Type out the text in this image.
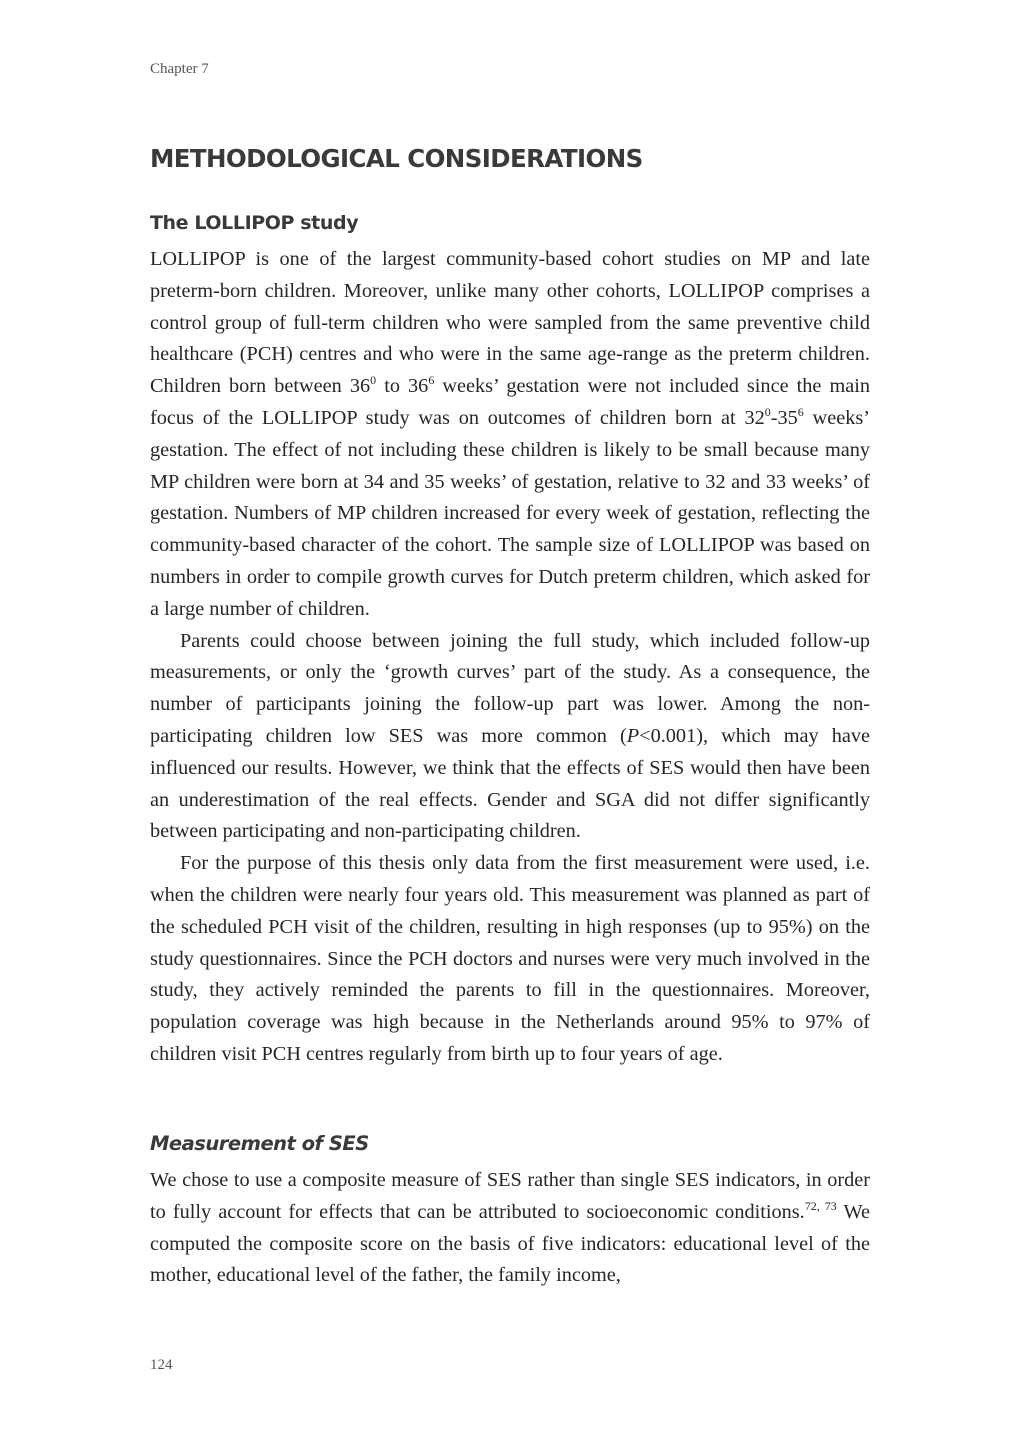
Chapter 7
METHODOLOGICAL CONSIDERATIONS
The LOLLIPOP study

LOLLIPOP is one of the largest community-based cohort studies on MP and late preterm-born children. Moreover, unlike many other cohorts, LOLLIPOP comprises a control group of full-term children who were sampled from the same preventive child healthcare (PCH) centres and who were in the same age-range as the preterm children. Children born between $36^0$ to $36^6$ weeks’ gestation were not included since the main focus of the LOLLIPOP study was on outcomes of children born at $32^0-35^6$ weeks’ gestation. The effect of not including these children is likely to be small because many MP children were born at 34 and 35 weeks’ of gestation, relative to 32 and 33 weeks’ of gestation. Numbers of MP children increased for every week of gestation, reflecting the community-based character of the cohort. The sample size of LOLLIPOP was based on numbers in order to compile growth curves for Dutch preterm children, which asked for a large number of children.

Parents could choose between joining the full study, which included follow-up measurements, or only the ‘growth curves’ part of the study. As a consequence, the number of participants joining the follow-up part was lower. Among the non-participating children low SES was more common (P<0.001), which may have influenced our results. However, we think that the effects of SES would then have been an underestimation of the real effects. Gender and SGA did not differ significantly between participating and non-participating children.

For the purpose of this thesis only data from the first measurement were used, i.e. when the children were nearly four years old. This measurement was planned as part of the scheduled PCH visit of the children, resulting in high responses (up to 95%) on the study questionnaires. Since the PCH doctors and nurses were very much involved in the study, they actively reminded the parents to fill in the questionnaires. Moreover, population coverage was high because in the Netherlands around 95% to 97% of children visit PCH centres regularly from birth up to four years of age.

Measurement of SES

We chose to use a composite measure of SES rather than single SES indicators, in order to fully account for effects that can be attributed to socioeconomic conditions.$^{72, 73}$ We computed the composite score on the basis of five indicators: educational level of the mother, educational level of the father, the family income,

124
